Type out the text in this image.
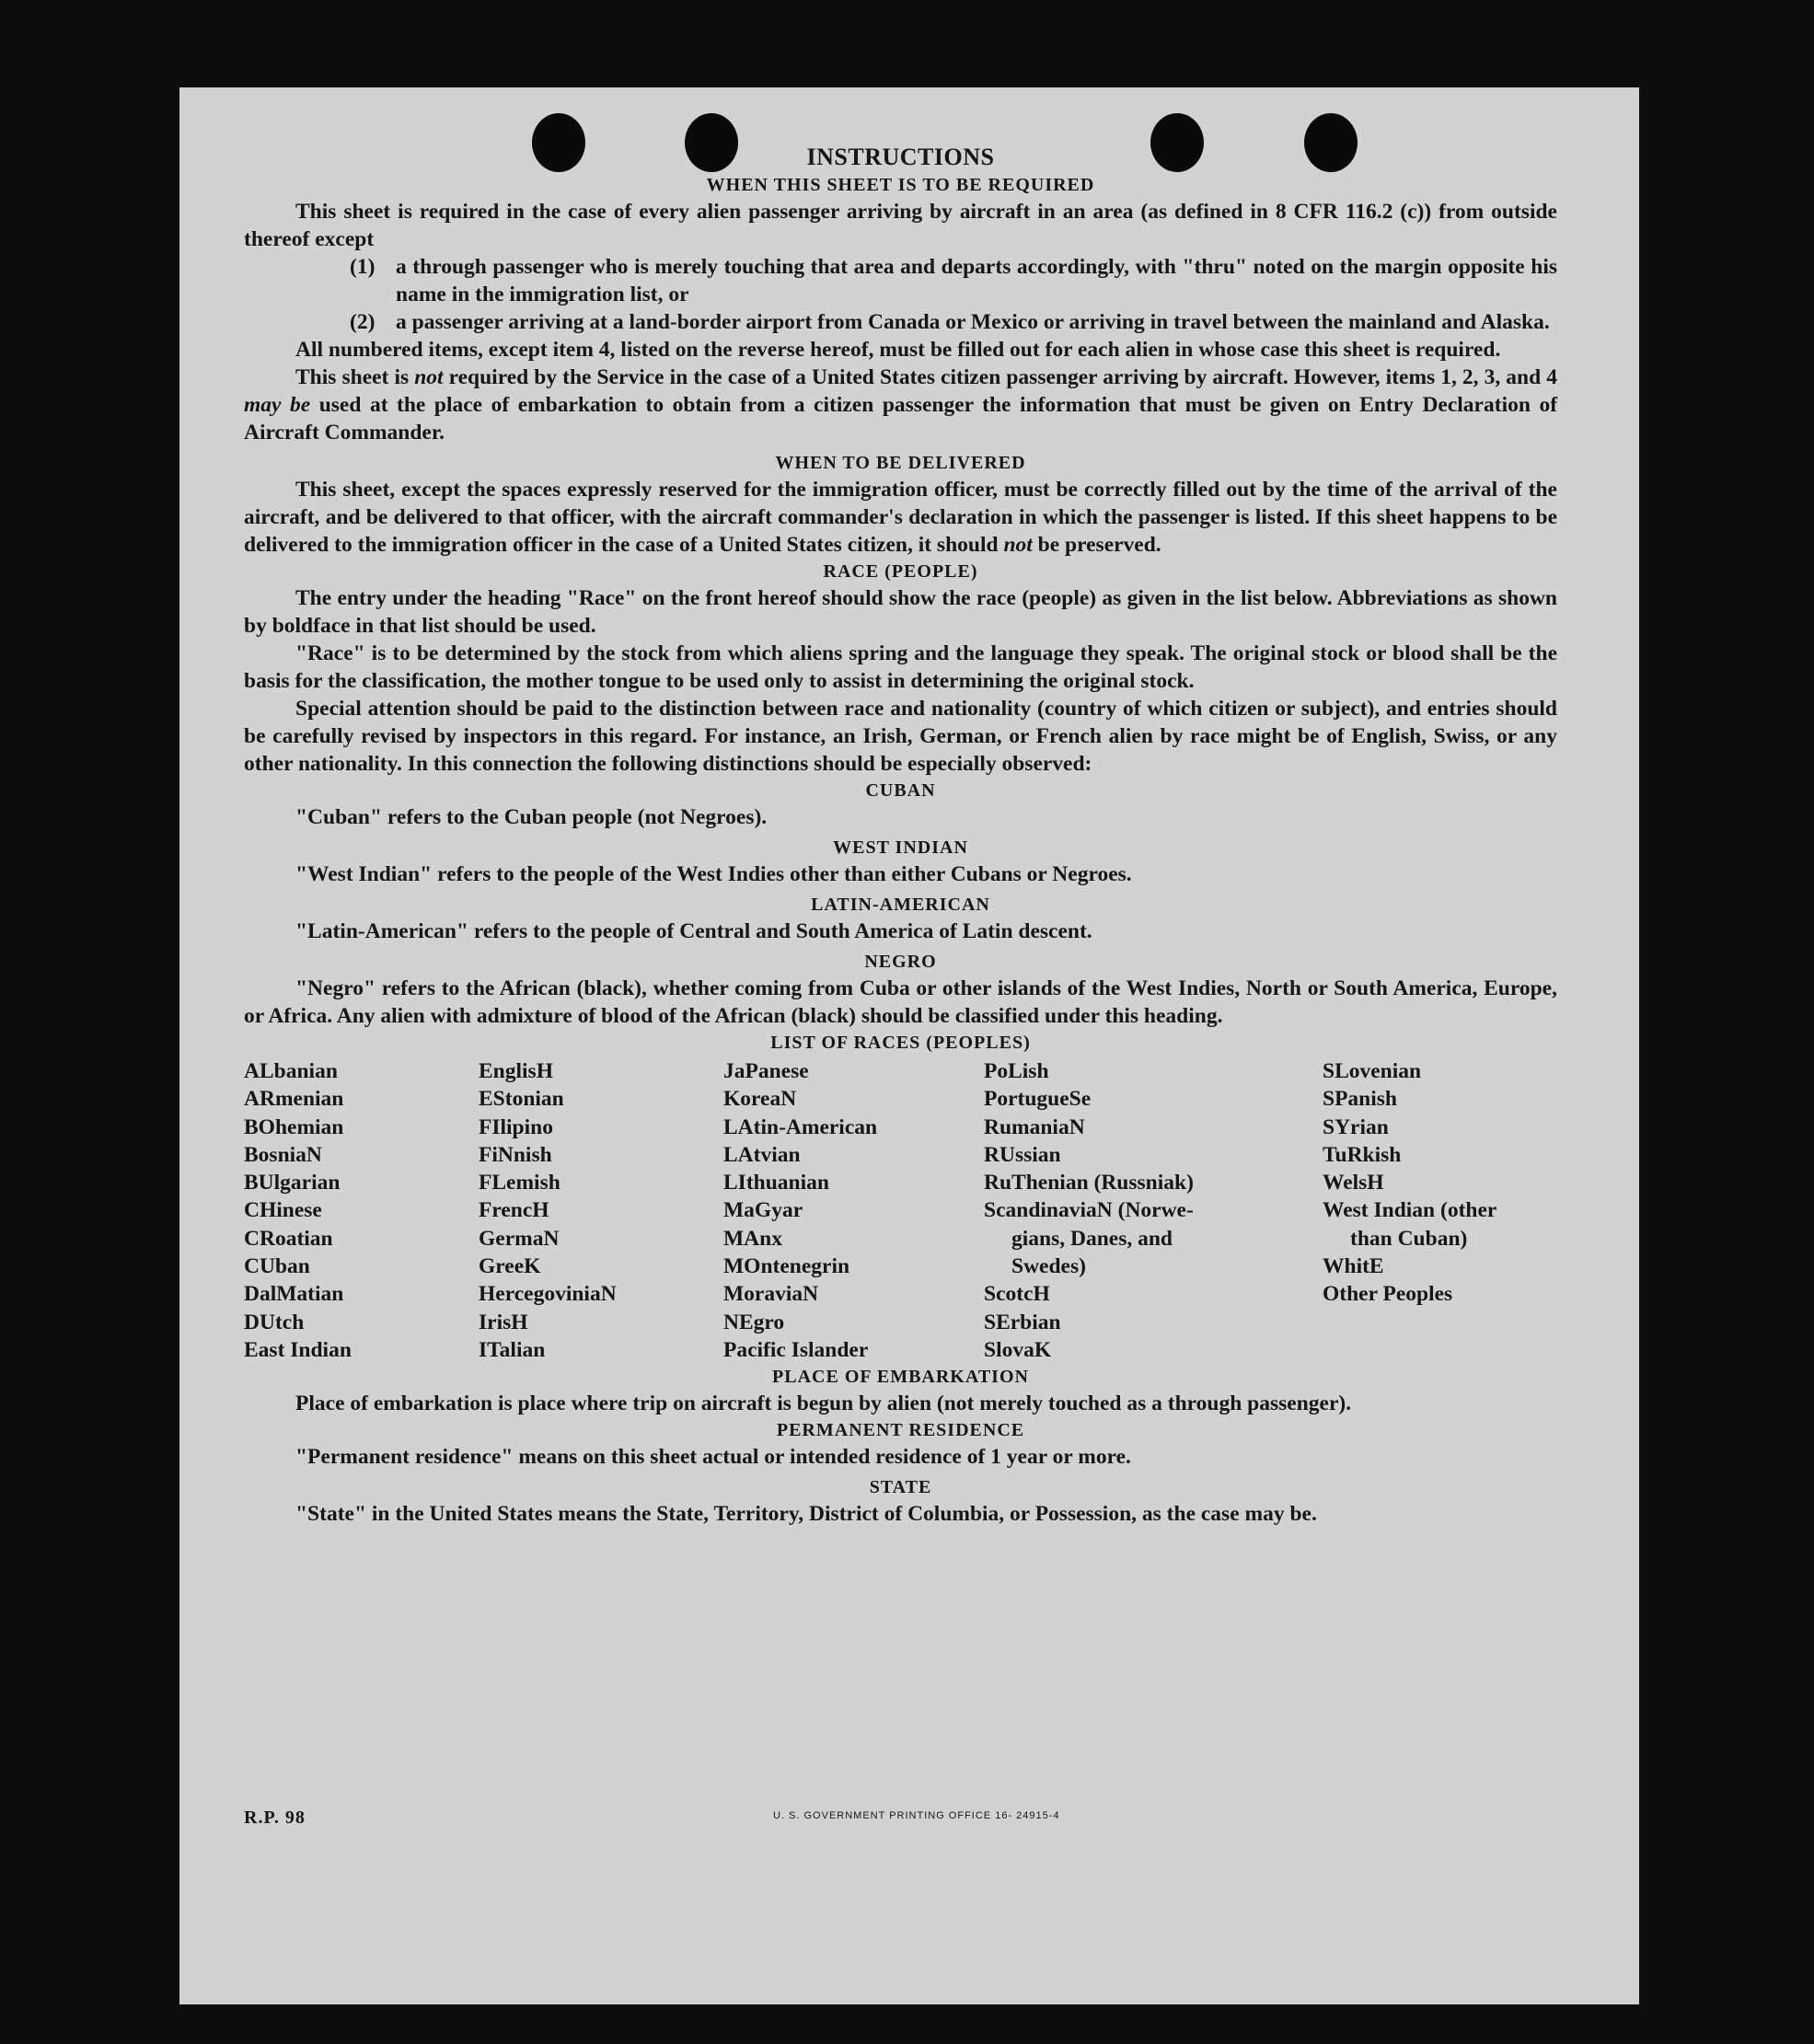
INSTRUCTIONS

WHEN THIS SHEET IS TO BE REQUIRED

This sheet is required in the case of every alien passenger arriving by aircraft in an area (as defined in 8 CFR 116.2 (c)) from outside thereof except

(1) a through passenger who is merely touching that area and departs accordingly, with "thru" noted on the margin opposite his name in the immigration list, or
(2) a passenger arriving at a land-border airport from Canada or Mexico or arriving in travel between the mainland and Alaska.

All numbered items, except item 4, listed on the reverse hereof, must be filled out for each alien in whose case this sheet is required.

This sheet is not required by the Service in the case of a United States citizen passenger arriving by aircraft. However, items 1, 2, 3, and 4 may be used at the place of embarkation to obtain from a citizen passenger the information that must be given on Entry Declaration of Aircraft Commander.

WHEN TO BE DELIVERED

This sheet, except the spaces expressly reserved for the immigration officer, must be correctly filled out by the time of the arrival of the aircraft, and be delivered to that officer, with the aircraft commander's declaration in which the passenger is listed. If this sheet happens to be delivered to the immigration officer in the case of a United States citizen, it should not be preserved.

RACE (PEOPLE)

The entry under the heading "Race" on the front hereof should show the race (people) as given in the list below. Abbreviations as shown by boldface in that list should be used.

"Race" is to be determined by the stock from which aliens spring and the language they speak. The original stock or blood shall be the basis for the classification, the mother tongue to be used only to assist in determining the original stock.

Special attention should be paid to the distinction between race and nationality (country of which citizen or subject), and entries should be carefully revised by inspectors in this regard. For instance, an Irish, German, or French alien by race might be of English, Swiss, or any other nationality. In this connection the following distinctions should be especially observed:

CUBAN

"Cuban" refers to the Cuban people (not Negroes).

WEST INDIAN

"West Indian" refers to the people of the West Indies other than either Cubans or Negroes.

LATIN-AMERICAN

"Latin-American" refers to the people of Central and South America of Latin descent.

NEGRO

"Negro" refers to the African (black), whether coming from Cuba or other islands of the West Indies, North or South America, Europe, or Africa. Any alien with admixture of blood of the African (black) should be classified under this heading.

LIST OF RACES (PEOPLES)

ALbanian
ARmenian
BOhemian
BosniaN
BUlgarian
CHinese
CRoatian
CUban
DalMatian
DUtch
East Indian
EnglisH
EStonian
FIlipino
FiNnish
FLemish
FrencH
GermaN
GreeK
HercegoviniaN
IrisH
ITalian
JaPanese
KoreaN
LAtin-American
LAtvian
LIthuanian
MaGyar
MAnx
MOntenegrin
MoraviaN
NEgro
Pacific Islander
PoLish
PortugueSe
RumaniaN
RUssian
RuThenian (Russniak)
ScandinaviaN (Norwe-
gians, Danes, and
Swedes)
ScotcH
SErbian
SlovaK
SLovenian
SPanish
SYrian
TuRkish
WelsH
West Indian (other
than Cuban)
WhitE
Other Peoples

PLACE OF EMBARKATION

Place of embarkation is place where trip on aircraft is begun by alien (not merely touched as a through passenger).

PERMANENT RESIDENCE

"Permanent residence" means on this sheet actual or intended residence of 1 year or more.

STATE

"State" in the United States means the State, Territory, District of Columbia, or Possession, as the case may be.

R.P. 98	U. S. GOVERNMENT PRINTING OFFICE 16- 24915-4
